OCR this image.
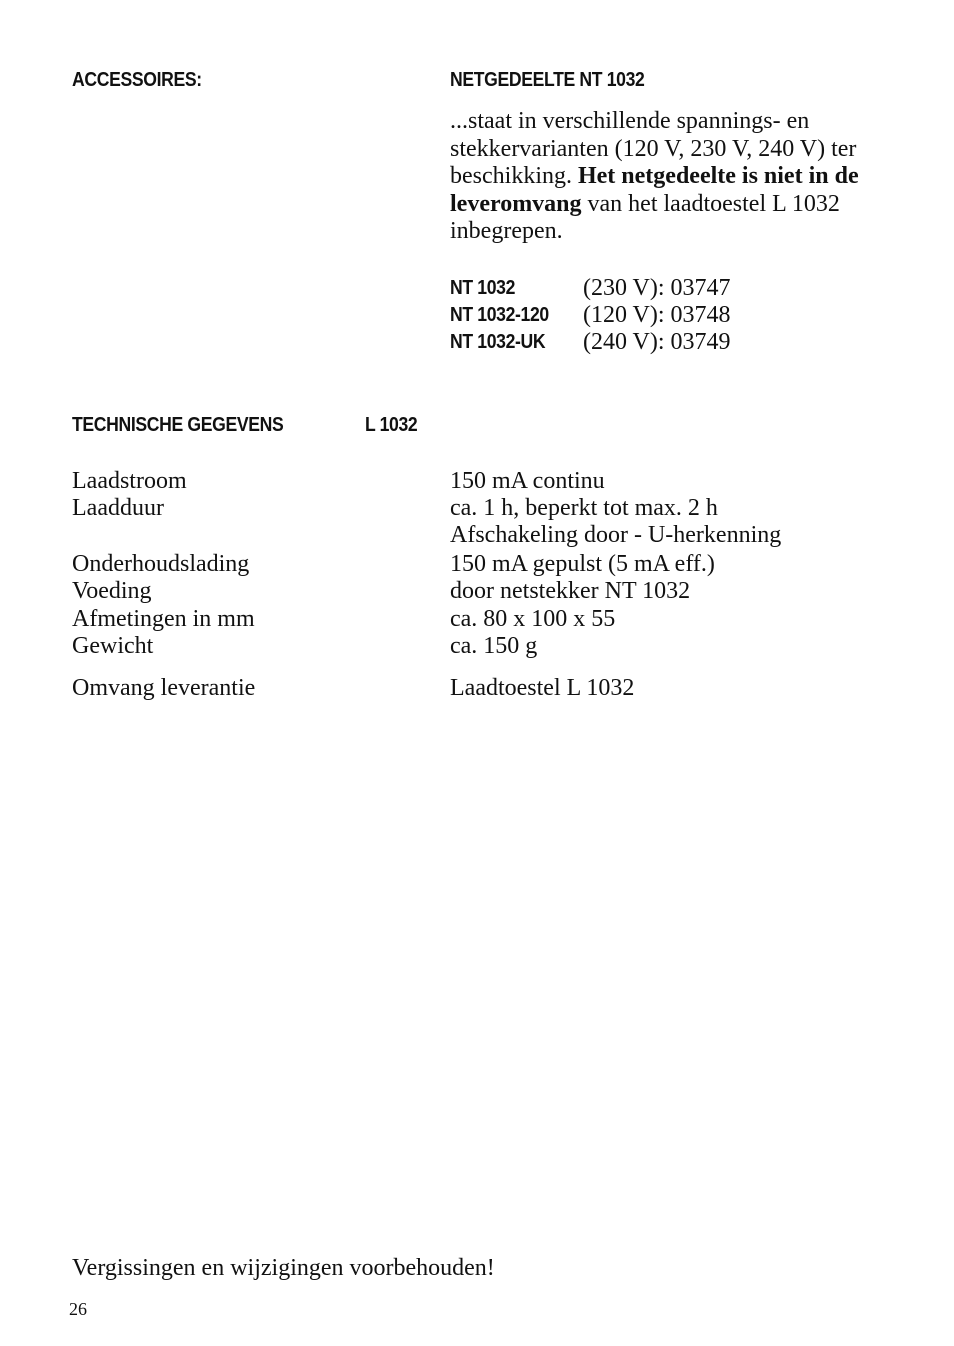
ACCESSOIRES:	NETGEDEELTE NT 1032
...staat in verschillende spannings- en stekkervarianten (120 V, 230 V, 240 V) ter beschikking. Het netgedeelte is niet in de leveromvang van het laadtoestel L 1032 inbegrepen.
NT 1032	(230 V): 03747
NT 1032-120 (120 V): 03748
NT 1032-UK (240 V): 03749
TECHNISCHE GEGEVENS	L 1032
Laadstroom	150 mA continu
Laadduur	ca. 1 h, beperkt tot max. 2 h
Afschakeling door - U-herkenning
Onderhoudslading	150 mA gepulst (5 mA eff.)
Voeding	door netstekker NT 1032
Afmetingen in mm	ca. 80 x 100 x 55
Gewicht	ca. 150 g
Omvang leverantie	Laadtoestel L 1032
Vergissingen en wijzigingen voorbehouden!
26
